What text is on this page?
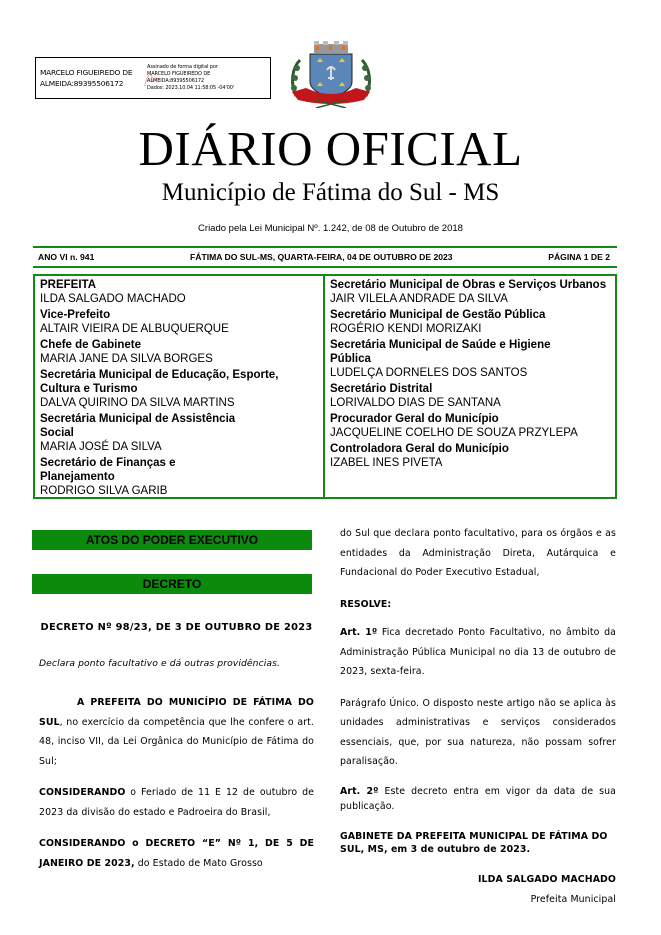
MARCELO FIGUEIREDO DE
ALMEIDA:89395506172
Assinado de forma digital por
MARCELO FIGUEIREDO DE
ALMEIDA:89395506172
Dados: 2023.10.04 11:58:05 -04'00'
DIÁRIO OFICIAL
Município de Fátima do Sul - MS
Criado pela Lei Municipal Nº. 1.242, de 08 de Outubro de 2018
ANO VI n. 941	FÁTIMA DO SUL-MS, QUARTA-FEIRA, 04 DE OUTUBRO DE 2023	PÁGINA 1 DE 2
PREFEITA
ILDA SALGADO MACHADO
Vice-Prefeito
ALTAIR VIEIRA DE ALBUQUERQUE
Chefe de Gabinete
MARIA JANE DA SILVA BORGES
Secretária Municipal de Educação, Esporte, Cultura e Turismo
DALVA QUIRINO DA SILVA MARTINS
Secretária Municipal de Assistência Social
MARIA JOSÉ DA SILVA
Secretário de Finanças e Planejamento
RODRIGO SILVA GARIB
Secretário Municipal de Obras e Serviços Urbanos
JAIR VILELA ANDRADE DA SILVA
Secretário Municipal de Gestão Pública
ROGÉRIO KENDI MORIZAKI
Secretária Municipal de Saúde e Higiene Pública
LUDELÇA DORNELES DOS SANTOS
Secretário Distrital
LORIVALDO DIAS DE SANTANA
Procurador Geral do Município
JACQUELINE COELHO DE SOUZA PRZYLEPA
Controladora Geral do Município
IZABEL INES PIVETA
ATOS DO PODER EXECUTIVO
DECRETO
DECRETO Nº 98/23, DE 3 DE OUTUBRO DE 2023
Declara ponto facultativo e dá outras providências.

A PREFEITA DO MUNICÍPIO DE FÁTIMA DO SUL, no exercício da competência que lhe confere o art. 48, inciso VII, da Lei Orgânica do Município de Fátima do Sul;

CONSIDERANDO o Feriado de 11 E 12 de outubro de 2023 da divisão do estado e Padroeira do Brasil,

CONSIDERANDO o DECRETO “E” Nº 1, DE 5 DE JANEIRO DE 2023, do Estado de Mato Grosso

do Sul que declara ponto facultativo, para os órgãos e as entidades da Administração Direta, Autárquica e Fundacional do Poder Executivo Estadual,

RESOLVE:

Art. 1º Fica decretado Ponto Facultativo, no âmbito da Administração Pública Municipal no dia 13 de outubro de 2023, sexta-feira.

Parágrafo Único. O disposto neste artigo não se aplica às unidades administrativas e serviços considerados essenciais, que, por sua natureza, não possam sofrer paralisação.

Art. 2º Este decreto entra em vigor da data de sua publicação.

GABINETE DA PREFEITA MUNICIPAL DE FÁTIMA DO SUL, MS, em 3 de outubro de 2023.

ILDA SALGADO MACHADO
Prefeita Municipal
